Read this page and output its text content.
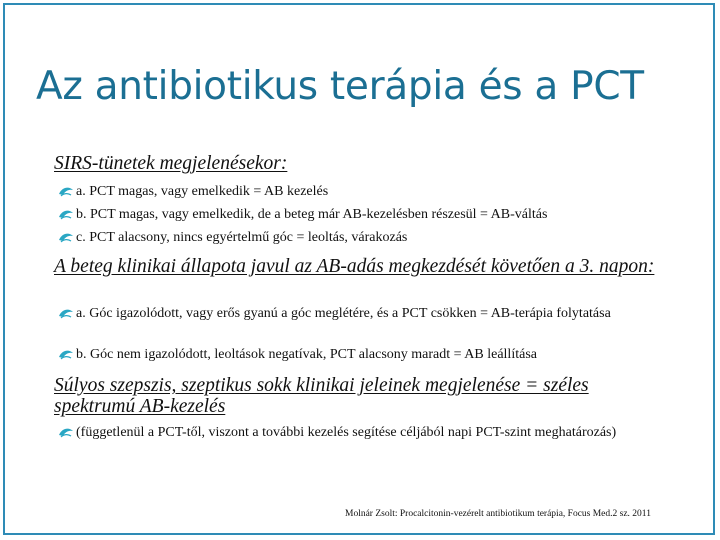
Az antibiotikus terápia és a PCT

SIRS-tünetek megjelenésekor:

a. PCT magas, vagy emelkedik = AB kezelés
b. PCT magas, vagy emelkedik, de a beteg már AB-kezelésben részesül = AB-váltás
c. PCT alacsony, nincs egyértelmű góc = leoltás, várakozás

A beteg klinikai állapota javul az AB-adás megkezdését követően a 3. napon:

a. Góc igazolódott, vagy erős gyanú a góc meglétére, és a PCT csökken = AB-terápia folytatása
b. Góc nem igazolódott, leoltások negatívak, PCT alacsony maradt = AB leállítása

Súlyos szepszis, szeptikus sokk klinikai jeleinek megjelenése = széles spektrumú AB-kezelés

(függetlenül a PCT-től, viszont a további kezelés segítése céljából napi PCT-szint meghatározás)
Molnár Zsolt: Procalcitonin-vezérelt antibiotikum terápia, Focus Med.2 sz. 2011
